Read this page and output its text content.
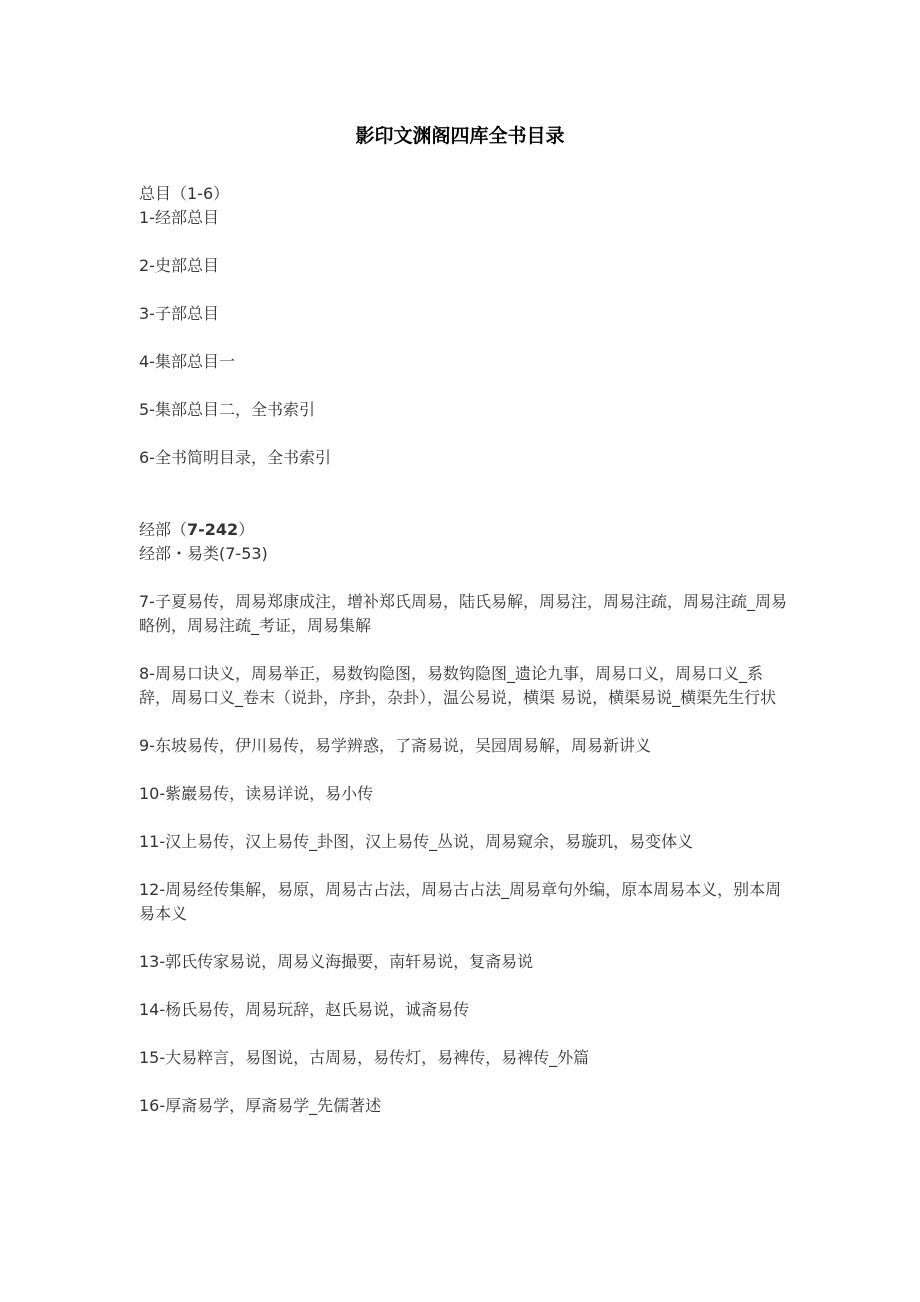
影印文渊阁四库全书目录
总目（1-6）
1-经部总目
2-史部总目
3-子部总目
4-集部总目一
5-集部总目二，全书索引
6-全书简明目录，全书索引
经部（7-242）
经部・易类(7-53)
7-子夏易传，周易郑康成注，增补郑氏周易，陆氏易解，周易注，周易注疏，周易注疏_周易略例，周易注疏_考证，周易集解
8-周易口诀义，周易举正，易数钩隐图，易数钩隐图_遗论九事，周易口义，周易口义_系辞，周易口义_卷末（说卦，序卦，杂卦），温公易说，横渠 易说，横渠易说_横渠先生行状
9-东坡易传，伊川易传，易学辨惑，了斋易说，吴园周易解，周易新讲义
10-紫巖易传，读易详说，易小传
11-汉上易传，汉上易传_卦图，汉上易传_丛说，周易窥余，易璇玑，易变体义
12-周易经传集解，易原，周易古占法，周易古占法_周易章句外编，原本周易本义，别本周易本义
13-郭氏传家易说，周易义海撮要，南轩易说，复斋易说
14-杨氏易传，周易玩辞，赵氏易说，诚斋易传
15-大易粹言，易图说，古周易，易传灯，易裨传，易裨传_外篇
16-厚斋易学，厚斋易学_先儒著述
